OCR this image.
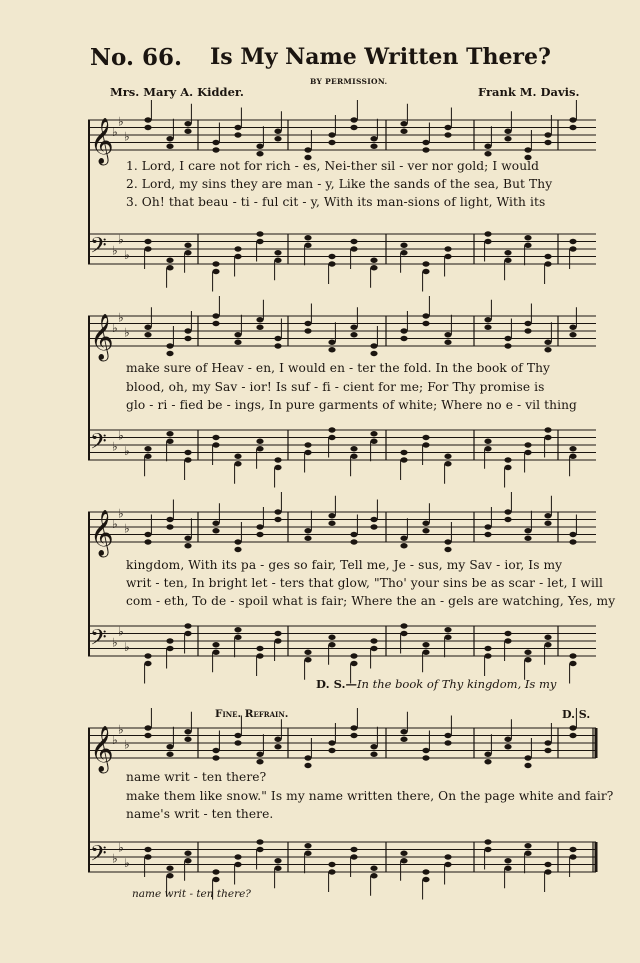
No. 66. Is My Name Written There?
BY PERMISSION.
Mrs. Mary A. Kidder.	Frank M. Davis.
𝄞
♭
♭
♭
1. Lord, I care not for rich - es, Nei-ther sil - ver nor gold; I would
2. Lord, my sins they are man - y, Like the sands of the sea, But Thy
3. Oh! that beau - ti - ful cit - y, With its man-sions of light, With its
𝄢 ♭
♭
♭
𝄞
♭
♭
♭
make sure of Heav - en, I would en - ter the fold. In the book of Thy
blood, oh, my Sav - ior! Is suf - fi - cient for me; For Thy promise is
glo - ri - fied be - ings, In pure garments of white; Where no e - vil thing
𝄢 ♭
♭
♭
𝄞
♭
♭
♭
kingdom, With its pa - ges so fair, Tell me, Je - sus, my Sav - ior, Is my
writ - ten, In bright let - ters that glow, "Tho' your sins be as scar - let, I will
com - eth, To de - spoil what is fair; Where the an - gels are watching, Yes, my
𝄢 ♭
♭
♭
D. S.—In the book of Thy kingdom, Is my
Fine. Refrain.	D. S.
𝄞
♭
♭
♭
name writ - ten there?
make them like snow." Is my name written there, On the page white and fair?
name's writ - ten there.
𝄢 ♭
♭
♭
name writ - ten there?
